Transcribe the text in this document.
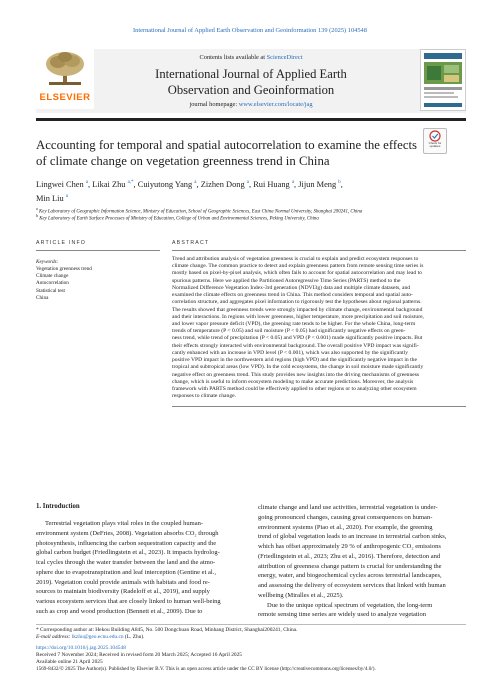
International Journal of Applied Earth Observation and Geoinformation 139 (2025) 104548
ELSEVIER
Contents lists available at ScienceDirect
International Journal of Applied Earth
Observation and Geoinformation
journal homepage: www.elsevier.com/locate/jag
Check for updates
Accounting for temporal and spatial autocorrelation to examine the effects
of climate change on vegetation greenness trend in China
Lingwei Chen $^a$, Likai Zhu $^{a,*}$, Cuiyutong Yang $^a$, Zizhen Dong $^a$, Rui Huang $^a$, Jijun Meng $^b$,
Min Liu $^a$
$^a$ Key Laboratory of Geographic Information Science, Ministry of Education, School of Geographic Sciences, East China Normal University, Shanghai 200241, China
$^b$ Key Laboratory of Earth Surface Processes of Ministry of Education, College of Urban and Environmental Sciences, Peking University, China
ARTICLE INFO	ABSTRACT
Keywords:
Vegetation greenness trend
Climate change
Autocorrelation
Statistical test
China
Trend and attribution analysis of vegetation greenness is crucial to explain and predict ecosystem responses to
climate change. The common practice to detect and explain greenness pattern from remote sensing time series is
mostly based on pixel-by-pixel analysis, which often fails to account for spatial autocorrelation and may lead to
spurious patterns. Here we applied the Partitioned Autoregressive Time Series (PARTS) method to the
Normalized Difference Vegetation Index-3rd generation (NDVI3g) data and multiple climate datasets, and
examined the climate effects on greenness trend in China. This method considers temporal and spatial auto-
correlation structure, and aggregates pixel information to rigorously test the hypotheses about regional patterns.
The results showed that greenness trends were strongly impacted by climate change, environmental background
and their interactions. In regions with lower greenness, higher temperature, more precipitation and soil moisture,
and lower vapor pressure deficit (VPD), the greening rate tends to be higher. For the whole China, long-term
trends of temperature (P < 0.05) and soil moisture (P < 0.05) had significantly negative effects on green-
ness trend, while trend of precipitation (P < 0.05) and VPD (P < 0.001) made significantly positive impacts. But
their effects strongly interacted with environmental background. The overall positive VPD impact was signifi-
cantly enhanced with an increase in VPD level (P < 0.001), which was also supported by the significantly
positive VPD impact in the northwestern arid regions (high VPD) and the significantly negative impact in the
tropical and subtropical areas (low VPD). In the cold ecosystems, the change in soil moisture made significantly
negative effect on greenness trend. This study provides new insights into the driving mechanisms of greenness
change, which is useful to inform ecosystem modeling to make accurate predictions. Moreover, the analysis
framework with PARTS method could be effectively applied to other regions or to analyzing other ecosystem
responses to climate change.
1. Introduction
Terrestrial vegetation plays vital roles in the coupled human-
environment system (DeFries, 2008). Vegetation absorbs CO₂ through
photosynthesis, influencing the carbon sequestration capacity and the
global carbon budget (Friedlingstein et al., 2023). It impacts hydrolog-
ical cycles through the water transfer between the land and the atmo-
sphere due to evapotranspiration and leaf interception (Gentine et al.,
2019). Vegetation could provide animals with habitats and food re-
sources to maintain biodiversity (Radeloff et al., 2019), and supply
various ecosystem services that are closely linked to human well-being
such as crop and wood production (Bennett et al., 2009). Due to
climate change and land use activities, terrestrial vegetation is under-
going pronounced changes, causing great consequences on human-
environment systems (Piao et al., 2020). For example, the greening
trend of global vegetation leads to an increase in terrestrial carbon sinks,
which has offset approximately 29 % of anthropogenic CO₂ emissions
(Friedlingstein et al., 2023; Zhu et al., 2016). Therefore, detection and
attribution of greenness change pattern is crucial for understanding the
energy, water, and biogeochemical cycles across terrestrial landscapes,
and assessing the delivery of ecosystem services that linked with human
wellbeing (Miralles et al., 2025).
Due to the unique optical spectrum of vegetation, the long-term
remote sensing time series are widely used to analyze vegetation
* Corresponding author at: Hekou Building A845, No. 500 Dongchuan Road, Minhang District, Shanghai200241, China.
E-mail address: lkzhu@geo.ecnu.edu.cn (L. Zhu).
https://doi.org/10.1016/j.jag.2025.104548
Received 7 November 2024; Received in revised form 20 March 2025; Accepted 16 April 2025
Available online 21 April 2025
1569-8432/© 2025 The Author(s). Published by Elsevier B.V. This is an open access article under the CC BY license (http://creativecommons.org/licenses/by/4.0/).
